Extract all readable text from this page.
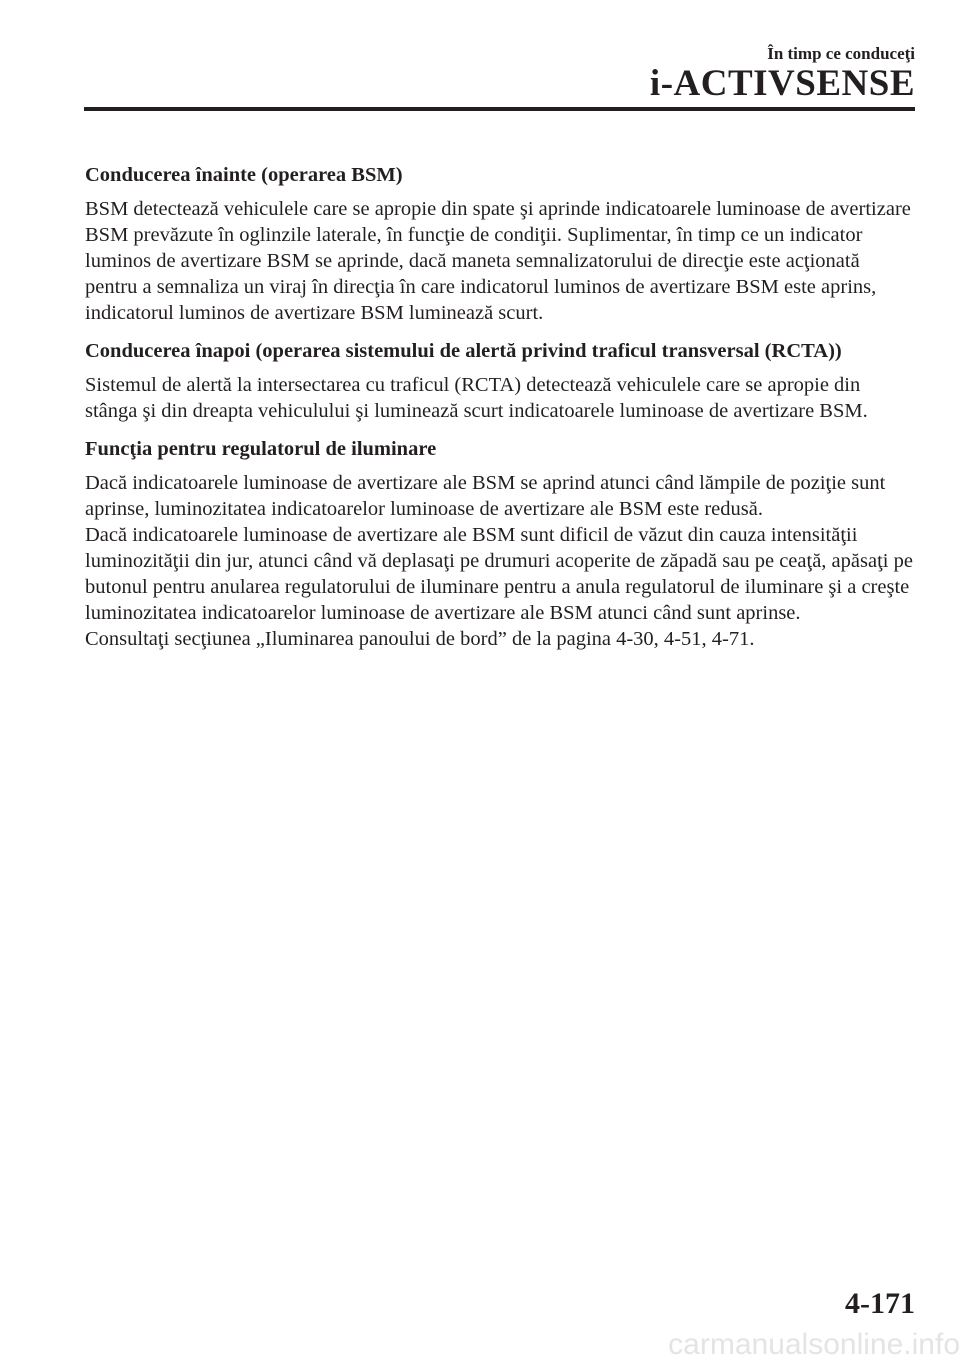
În timp ce conduceţi
i-ACTIVSENSE
Conducerea înainte (operarea BSM)

BSM detectează vehiculele care se apropie din spate şi aprinde indicatoarele luminoase de avertizare BSM prevăzute în oglinzile laterale, în funcţie de condiţii. Suplimentar, în timp ce un indicator luminos de avertizare BSM se aprinde, dacă maneta semnalizatorului de direcţie este acţionată pentru a semnaliza un viraj în direcţia în care indicatorul luminos de avertizare BSM este aprins, indicatorul luminos de avertizare BSM luminează scurt.

Conducerea înapoi (operarea sistemului de alertă privind traficul transversal (RCTA))

Sistemul de alertă la intersectarea cu traficul (RCTA) detectează vehiculele care se apropie din stânga şi din dreapta vehiculului şi luminează scurt indicatoarele luminoase de avertizare BSM.

Funcţia pentru regulatorul de iluminare

Dacă indicatoarele luminoase de avertizare ale BSM se aprind atunci când lămpile de poziţie sunt aprinse, luminozitatea indicatoarelor luminoase de avertizare ale BSM este redusă.
Dacă indicatoarele luminoase de avertizare ale BSM sunt dificil de văzut din cauza intensităţii luminozităţii din jur, atunci când vă deplasaţi pe drumuri acoperite de zăpadă sau pe ceaţă, apăsaţi pe butonul pentru anularea regulatorului de iluminare pentru a anula regulatorul de iluminare şi a creşte luminozitatea indicatoarelor luminoase de avertizare ale BSM atunci când sunt aprinse.
Consultaţi secţiunea „Iluminarea panoului de bord” de la pagina 4-30, 4-51, 4-71.

4-171
carmanualsonline.info
